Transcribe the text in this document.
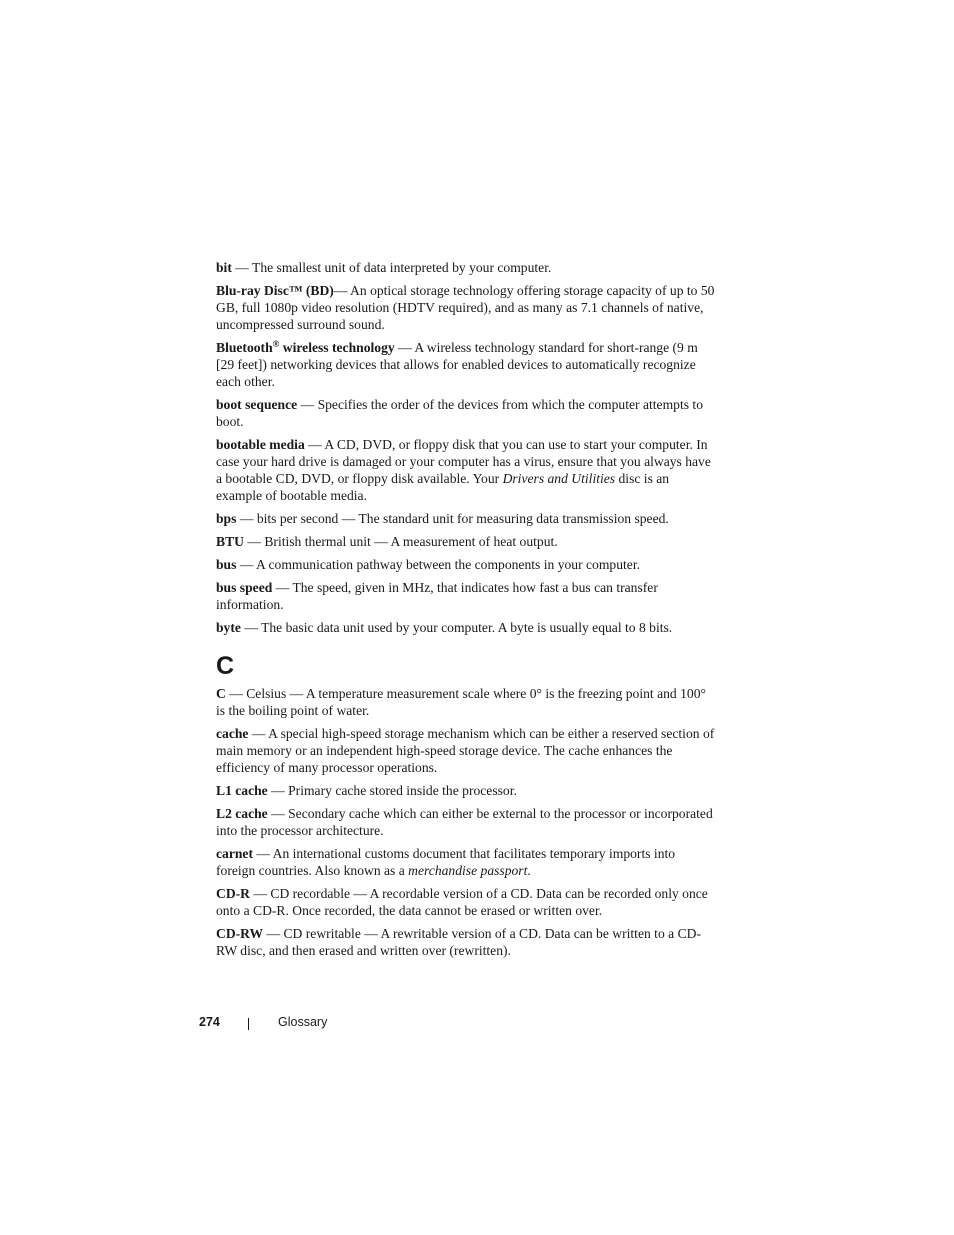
bit — The smallest unit of data interpreted by your computer.

Blu-ray Disc™ (BD)— An optical storage technology offering storage capacity of up to 50 GB, full 1080p video resolution (HDTV required), and as many as 7.1 channels of native, uncompressed surround sound.

Bluetooth® wireless technology — A wireless technology standard for short-range (9 m [29 feet]) networking devices that allows for enabled devices to automatically recognize each other.

boot sequence — Specifies the order of the devices from which the computer attempts to boot.

bootable media — A CD, DVD, or floppy disk that you can use to start your computer. In case your hard drive is damaged or your computer has a virus, ensure that you always have a bootable CD, DVD, or floppy disk available. Your Drivers and Utilities disc is an example of bootable media.

bps — bits per second — The standard unit for measuring data transmission speed.

BTU — British thermal unit — A measurement of heat output.

bus — A communication pathway between the components in your computer.

bus speed — The speed, given in MHz, that indicates how fast a bus can transfer information.

byte — The basic data unit used by your computer. A byte is usually equal to 8 bits.

C

C — Celsius — A temperature measurement scale where 0° is the freezing point and 100° is the boiling point of water.

cache — A special high-speed storage mechanism which can be either a reserved section of main memory or an independent high-speed storage device. The cache enhances the efficiency of many processor operations.

L1 cache — Primary cache stored inside the processor.

L2 cache — Secondary cache which can either be external to the processor or incorporated into the processor architecture.

carnet — An international customs document that facilitates temporary imports into foreign countries. Also known as a merchandise passport.

CD-R — CD recordable — A recordable version of a CD. Data can be recorded only once onto a CD-R. Once recorded, the data cannot be erased or written over.

CD-RW — CD rewritable — A rewritable version of a CD. Data can be written to a CD-RW disc, and then erased and written over (rewritten).

274	Glossary
